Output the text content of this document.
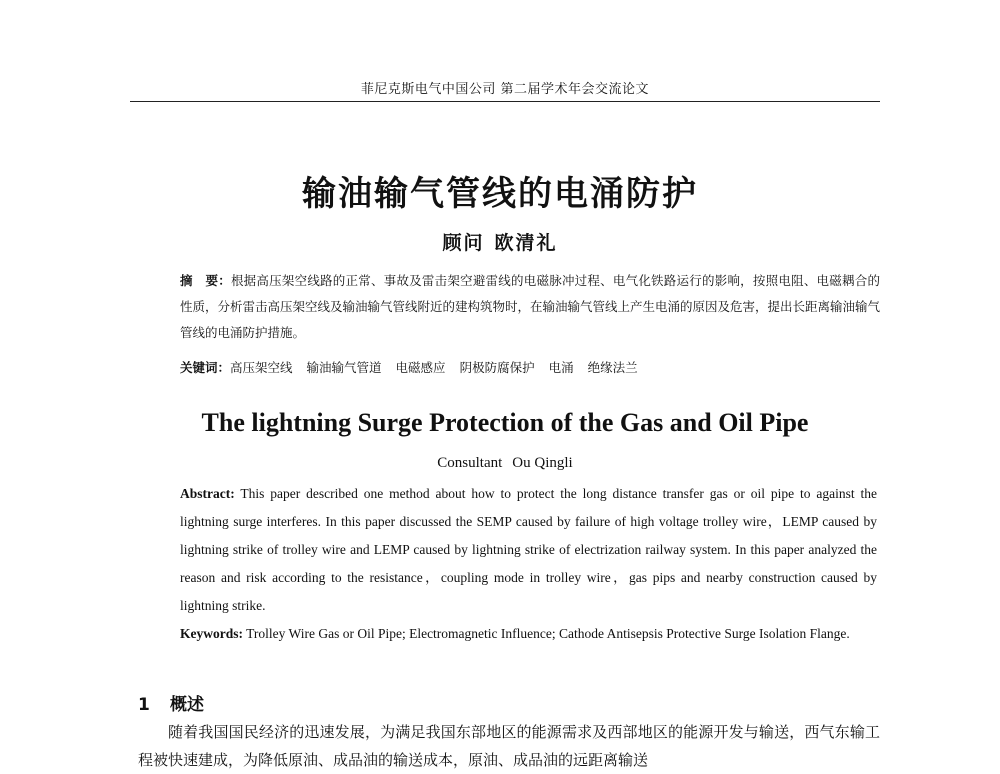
菲尼克斯电气中国公司 第二届学术年会交流论文
输油输气管线的电涌防护
顾问 欧清礼
摘　要：根据高压架空线路的正常、事故及雷击架空避雷线的电磁脉冲过程、电气化铁路运行的影响，按照电阻、电磁耦合的性质，分析雷击高压架空线及输油输气管线附近的建构筑物时，在输油输气管线上产生电涌的原因及危害，提出长距离输油输气管线的电涌防护措施。
关键词：高压架空线 输油输气管道 电磁感应 阴极防腐保护 电涌 绝缘法兰
The lightning Surge Protection of the Gas and Oil Pipe
Consultant Ou Qingli
Abstract: This paper described one method about how to protect the long distance transfer gas or oil pipe to against the lightning surge interferes. In this paper discussed the SEMP caused by failure of high voltage trolley wire，LEMP caused by lightning strike of trolley wire and LEMP caused by lightning strike of electrization railway system. In this paper analyzed the reason and risk according to the resistance，coupling mode in trolley wire，gas pips and nearby construction caused by lightning strike.
Keywords: Trolley Wire Gas or Oil Pipe; Electromagnetic Influence; Cathode Antisepsis Protective Surge Isolation Flange.
1 概述
随着我国国民经济的迅速发展，为满足我国东部地区的能源需求及西部地区的能源开发与输送，西气东输工程被快速建成，为降低原油、成品油的输送成本，原油、成品油的远距离输送
